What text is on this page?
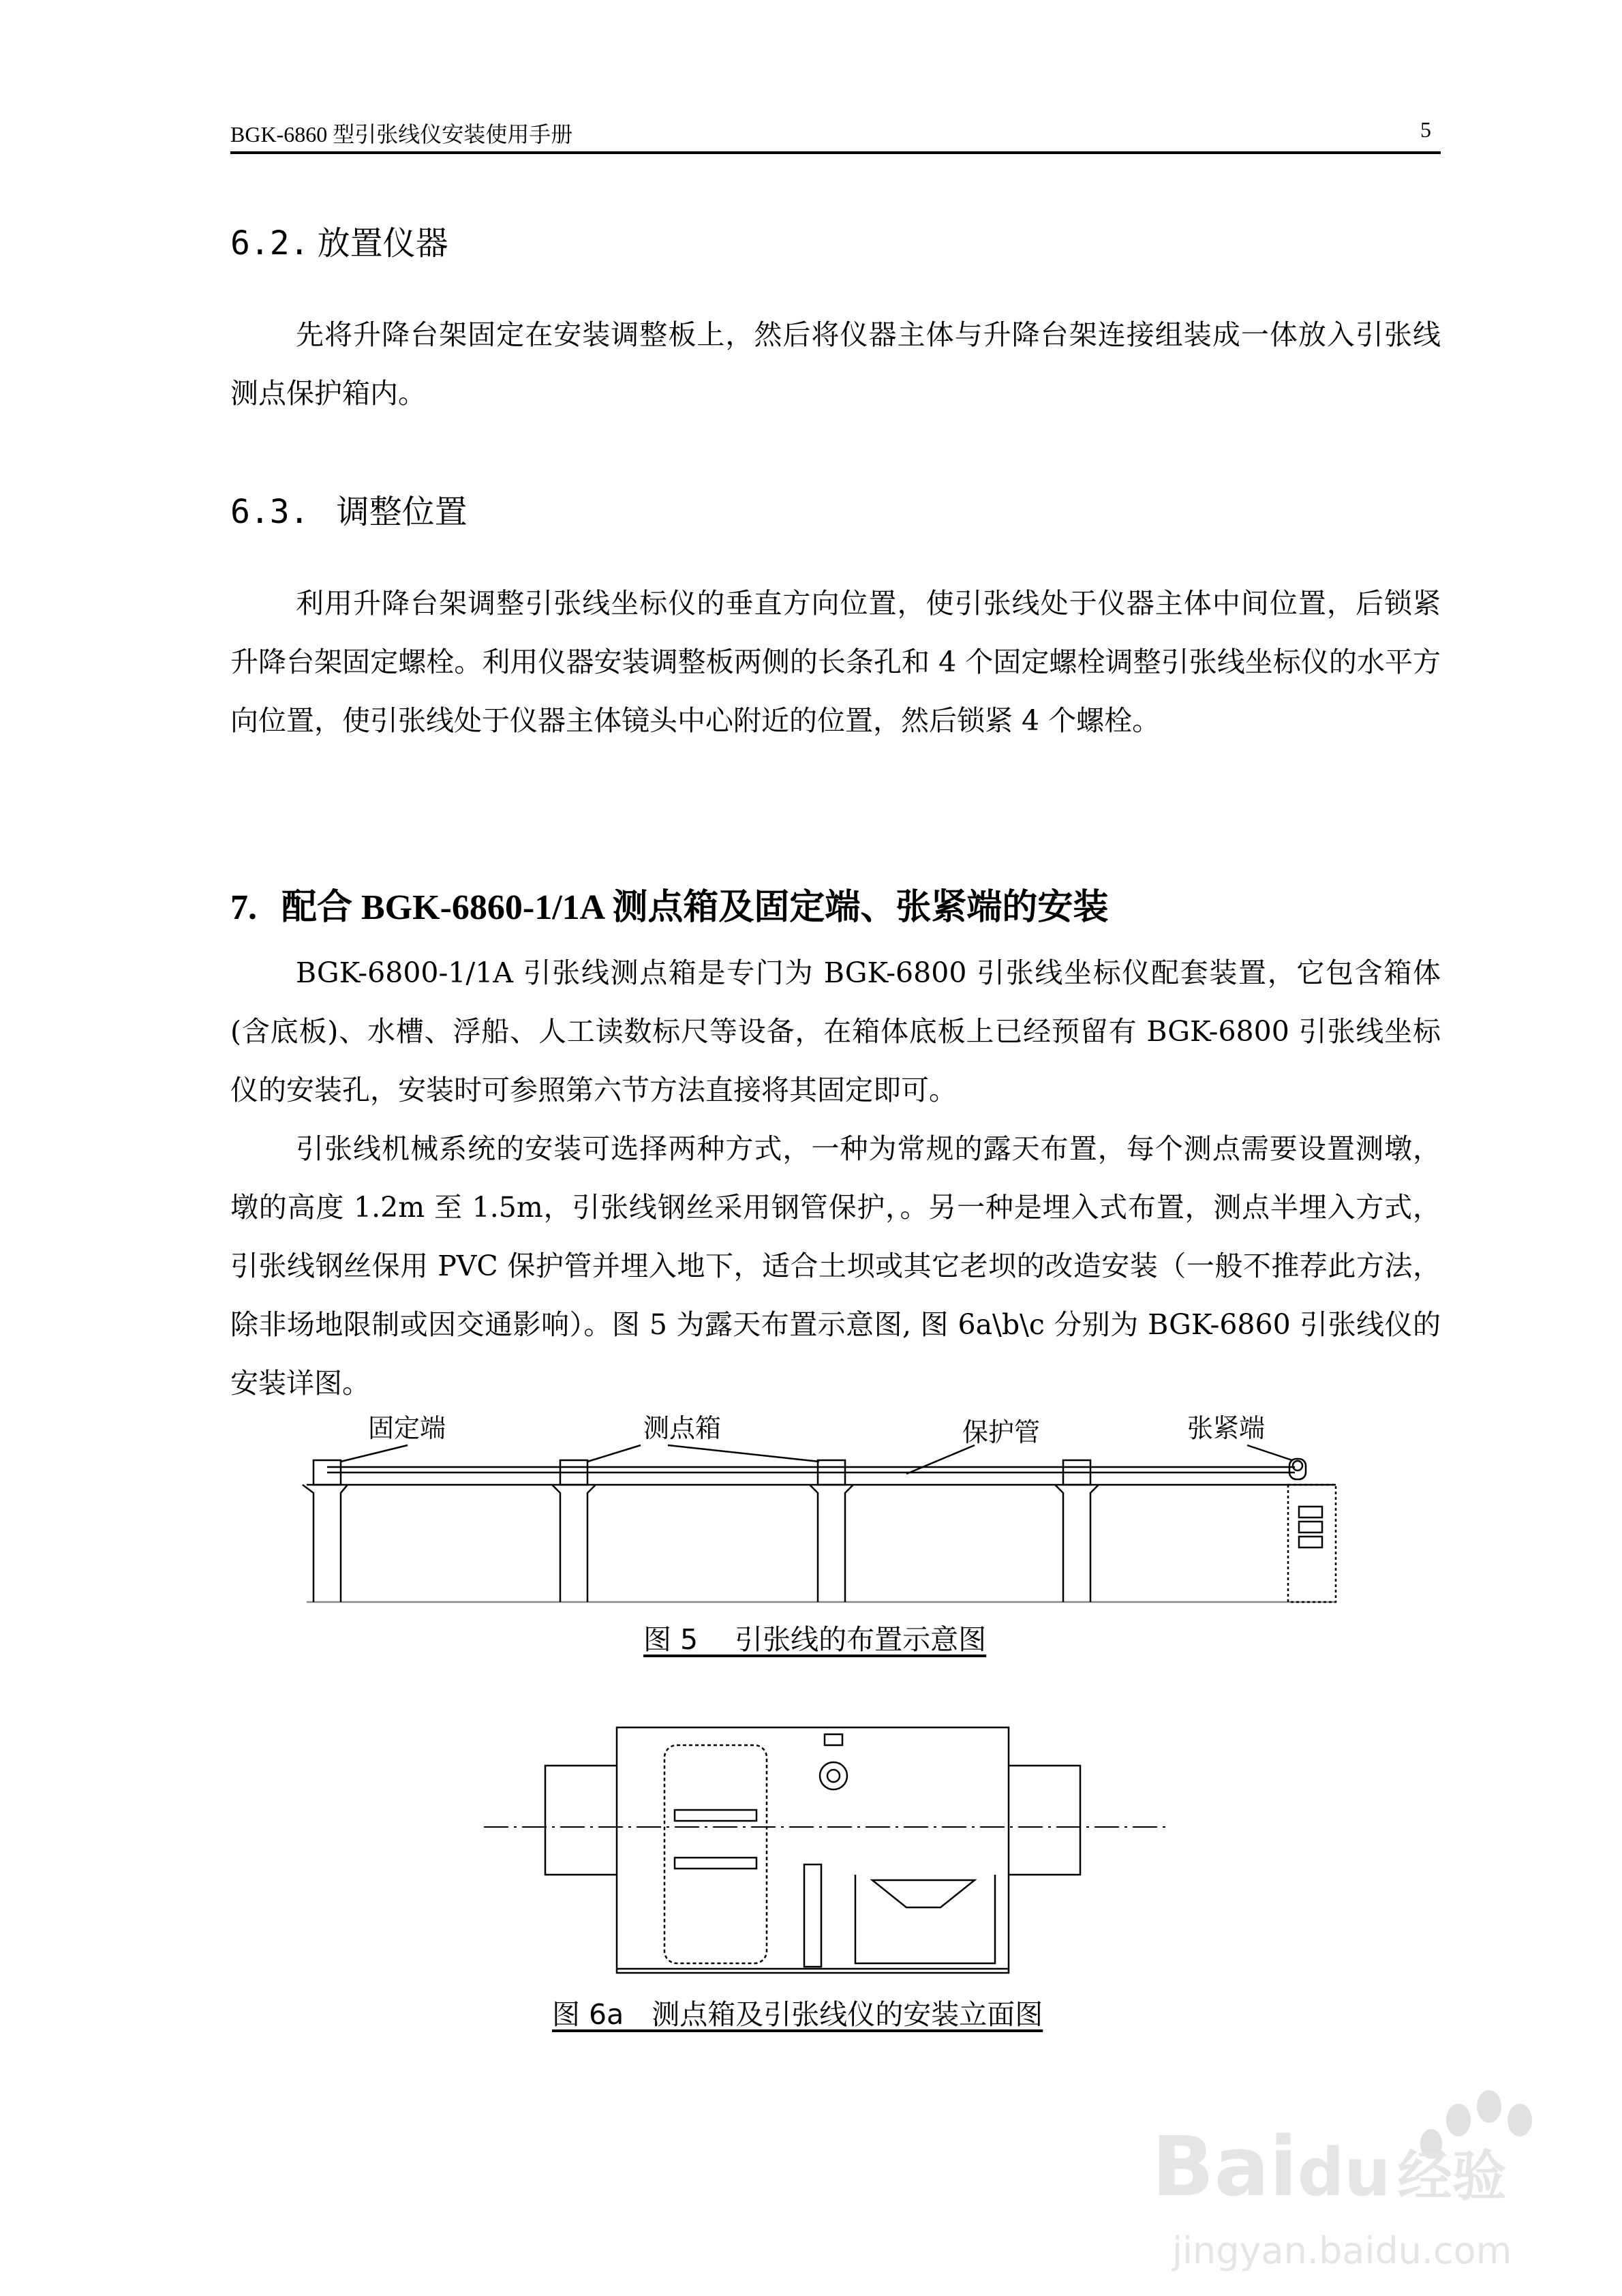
BGK-6860 型引张线仪安装使用手册	5
6.2. 放置仪器

先将升降台架固定在安装调整板上，然后将仪器主体与升降台架连接组装成一体放入引张线测点保护箱内。

6.3. 调整位置

利用升降台架调整引张线坐标仪的垂直方向位置，使引张线处于仪器主体中间位置，后锁紧升降台架固定螺栓。利用仪器安装调整板两侧的长条孔和 4 个固定螺栓调整引张线坐标仪的水平方向位置，使引张线处于仪器主体镜头中心附近的位置，然后锁紧 4 个螺栓。

7. 配合 BGK-6860-1/1A 测点箱及固定端、张紧端的安装

BGK-6800-1/1A 引张线测点箱是专门为 BGK-6800 引张线坐标仪配套装置，它包含箱体(含底板)、水槽、浮船、人工读数标尺等设备，在箱体底板上已经预留有 BGK-6800 引张线坐标仪的安装孔，安装时可参照第六节方法直接将其固定即可。

引张线机械系统的安装可选择两种方式，一种为常规的露天布置，每个测点需要设置测墩，墩的高度 1.2m 至 1.5m，引张线钢丝采用钢管保护，。另一种是埋入式布置，测点半埋入方式，引张线钢丝保用 PVC 保护管并埋入地下，适合土坝或其它老坝的改造安装（一般不推荐此方法，除非场地限制或因交通影响）。图 5 为露天布置示意图, 图 6a\b\c 分别为 BGK-6860 引张线仪的安装详图。

固定端	测点箱	保护管	张紧端
图 5　 引张线的布置示意图
图 6a　测点箱及引张线仪的安装立面图
Baidu 经验
jingyan.baidu.com
